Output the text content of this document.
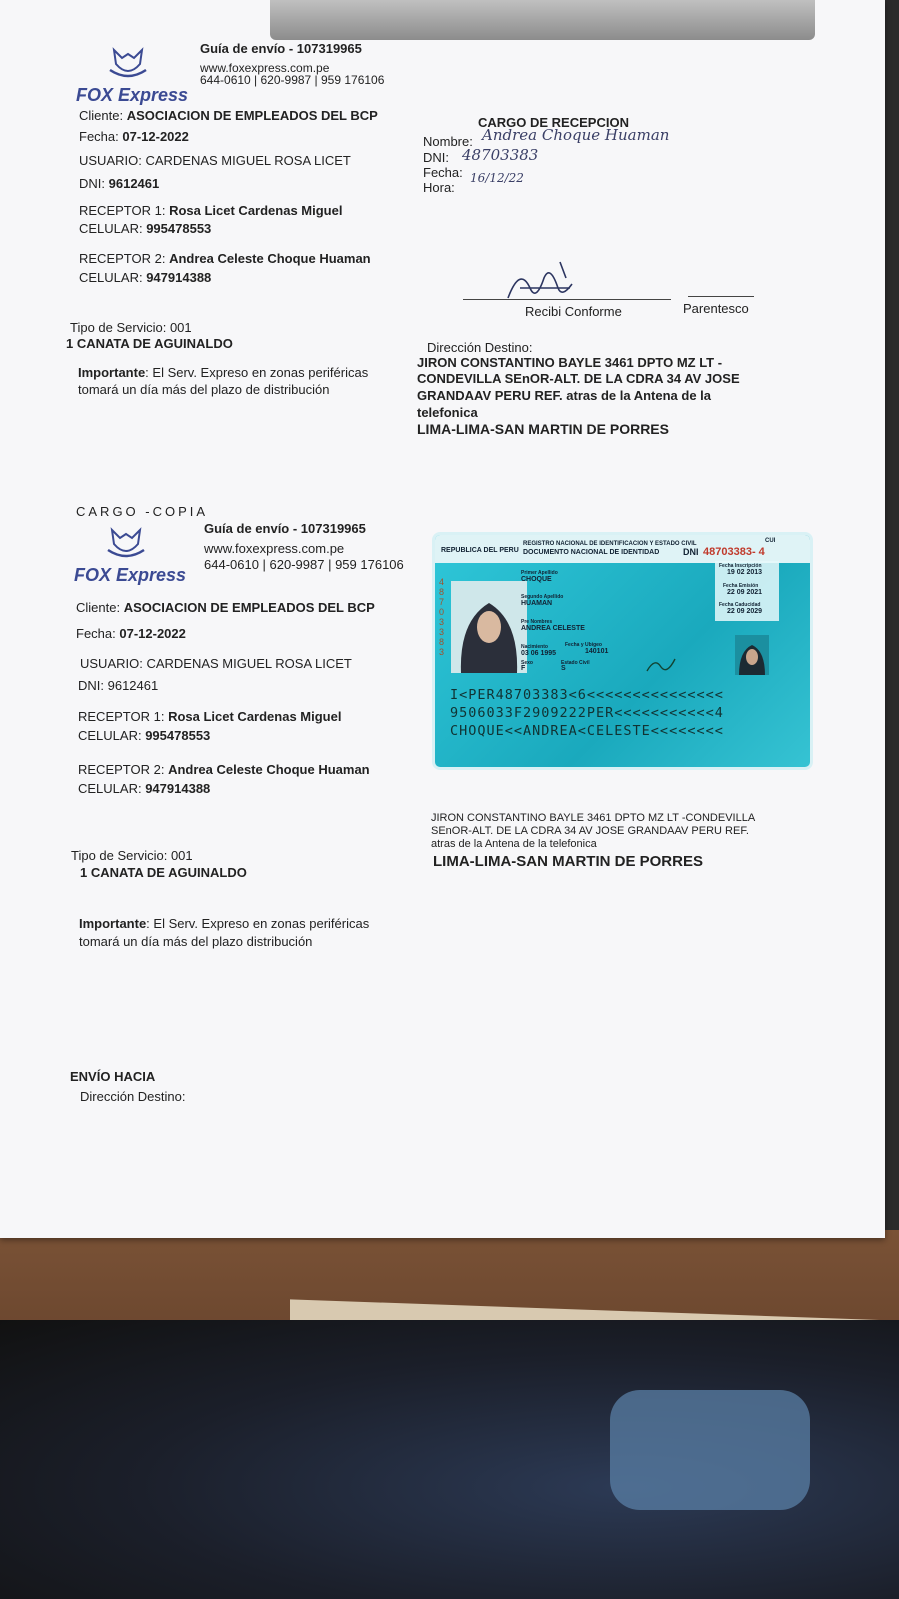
FOX Express
Guía de envío - 107319965
www.foxexpress.com.pe
644-0610 | 620-9987 | 959 176106
Cliente: ASOCIACION DE EMPLEADOS DEL BCP
Fecha: 07-12-2022
USUARIO: CARDENAS MIGUEL ROSA LICET
DNI: 9612461
RECEPTOR 1: Rosa Licet Cardenas Miguel
CELULAR: 995478553
RECEPTOR 2: Andrea Celeste Choque Huaman
CELULAR: 947914388
Tipo de Servicio: 001
1 CANATA DE AGUINALDO
Importante: El Serv. Expreso en zonas periféricas
tomará un día más del plazo de distribución
CARGO DE RECEPCION
Nombre: Andrea Choque Huaman
DNI: 48703383
Fecha: 16/12/22
Hora:
Recibi Conforme	Parentesco
Dirección Destino:
JIRON CONSTANTINO BAYLE 3461 DPTO MZ LT -
CONDEVILLA SEnOR-ALT. DE LA CDRA 34 AV JOSE
GRANDAAV PERU REF. atras de la Antena de la
telefonica
LIMA-LIMA-SAN MARTIN DE PORRES
CARGO -COPIA
FOX Express
Guía de envío - 107319965
www.foxexpress.com.pe
644-0610 | 620-9987 | 959 176106
Cliente: ASOCIACION DE EMPLEADOS DEL BCP
Fecha: 07-12-2022
USUARIO: CARDENAS MIGUEL ROSA LICET
DNI: 9612461
RECEPTOR 1: Rosa Licet Cardenas Miguel
CELULAR: 995478553
RECEPTOR 2: Andrea Celeste Choque Huaman
CELULAR: 947914388
JIRON CONSTANTINO BAYLE 3461 DPTO MZ LT -CONDEVILLA
SEnOR-ALT. DE LA CDRA 34 AV JOSE GRANDAAV PERU REF.
atras de la Antena de la telefonica
LIMA-LIMA-SAN MARTIN DE PORRES
Tipo de Servicio: 001
1 CANATA DE AGUINALDO
Importante: El Serv. Expreso en zonas periféricas
tomará un día más del plazo distribución
ENVÍO HACIA
Dirección Destino:
REPUBLICA DEL PERU
REGISTRO NACIONAL DE IDENTIFICACION Y ESTADO CIVIL
DOCUMENTO NACIONAL DE IDENTIDAD
CUI
DNI 48703383- 4
48703383
Primer Apellido
CHOQUE
Segundo Apellido
HUAMAN
Pre Nombres
ANDREA CELESTE
Nacimiento
03 06 1995
Fecha y Ubigeo
140101
Sexo
F
Estado Civil
S
Fecha Inscripción
19 02 2013
Fecha Emisión
22 09 2021
Fecha Caducidad
22 09 2029
I<PER48703383<6<<<<<<<<<<<<<<<
9506033F2909222PER<<<<<<<<<<<4
CHOQUE<<ANDREA<CELESTE<<<<<<<<
